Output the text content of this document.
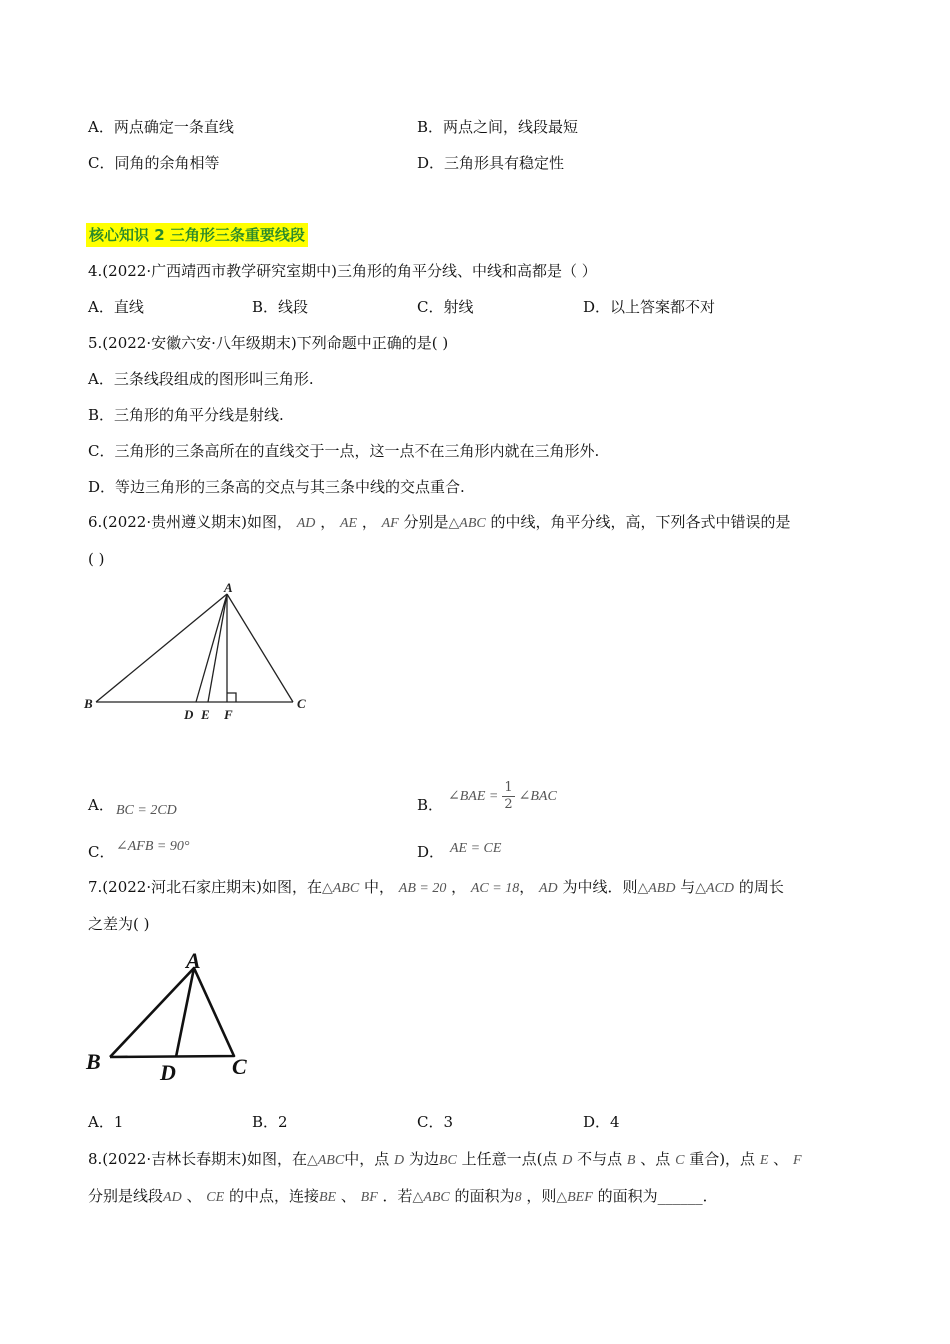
A．两点确定一条直线	B．两点之间，线段最短
C．同角的余角相等	D．三角形具有稳定性
核心知识 2 三角形三条重要线段
4.(2022·广西靖西市教学研究室期中)三角形的角平分线、中线和高都是（ ）
A．直线	B．线段	C．射线	D．以上答案都不对
5.(2022·安徽六安·八年级期末)下列命题中正确的是( )
A．三条线段组成的图形叫三角形.
B．三角形的角平分线是射线.
C．三角形的三条高所在的直线交于一点，这一点不在三角形内就在三角形外.
D．等边三角形的三条高的交点与其三条中线的交点重合.
6.(2022·贵州遵义期末)如图， AD ， AE ， AF 分别是△ABC 的中线，角平分线，高，下列各式中错误的是
( )
A
B	C
D E F
A． BC = 2CD	B． ∠BAE = $\frac{1}{2}$ ∠BAC
C． ∠AFB = 90°	D． AE = CE
7.(2022·河北石家庄期末)如图，在△ABC 中， AB = 20 ， AC = 18， AD 为中线．则△ABD 与△ACD 的周长
之差为( )
A
B	C
D
A．1	B．2	C．3	D．4
8.(2022·吉林长春期末)如图，在△ABC中，点 D 为边BC 上任意一点(点 D 不与点 B 、点 C 重合)，点 E 、 F
分别是线段AD 、 CE 的中点，连接BE 、 BF ．若△ABC 的面积为8 ，则△BEF 的面积为______．
